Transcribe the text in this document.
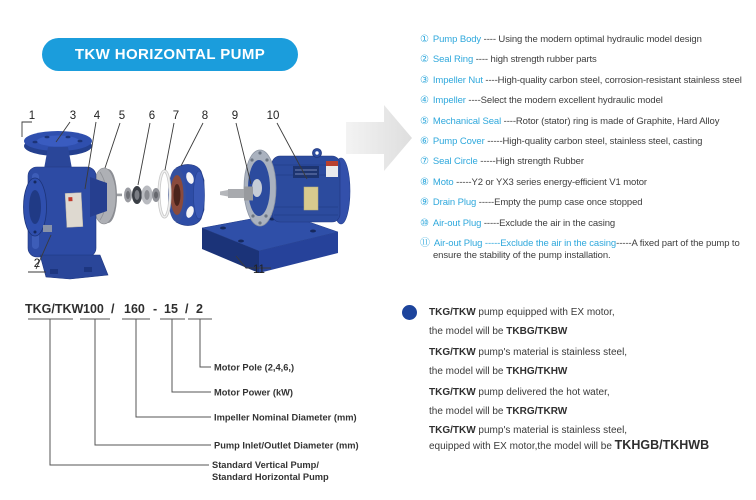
TKW HORIZONTAL PUMP
1
2
3 4 5 6 7 8 9 10
11
① Pump Body ---- Using the modern optimal hydraulic model design
② Seal Ring ---- high strength rubber parts
③ Impeller Nut ----High-quality carbon steel, corrosion-resistant stainless steel
④ Impeller ----Select the modern excellent hydraulic model
⑤ Mechanical Seal ----Rotor (stator) ring is made of Graphite, Hard Alloy
⑥ Pump Cover -----High-quality carbon steel, stainless steel, casting
⑦ Seal Circle -----High strength Rubber
⑧ Moto -----Y2 or YX3 series energy-efficient V1 motor
⑨ Drain Plug -----Empty the pump case once stopped
⑩ Air-out Plug -----Exclude the air in the casing
⑪ Air-out Plug -----Exclude the air in the casing-----A fixed part of the pump to ensure the stability of the pump installation.
TKG/TKW 100 / 160 - 15 / 2
Motor Pole (2,4,6,)
Motor Power (kW)
Impeller Nominal Diameter (mm)
Pump Inlet/Outlet Diameter (mm)
Standard Vertical Pump/
Standard Horizontal Pump

TKG/TKW pump equipped with EX motor,
the model will be TKBG/TKBW

TKG/TKW pump's material is stainless steel,
the model will be TKHG/TKHW

TKG/TKW pump delivered the hot water,
the model will be TKRG/TKRW

TKG/TKW pump's material is stainless steel,
equipped with EX motor,the model will be TKHGB/TKHWB
